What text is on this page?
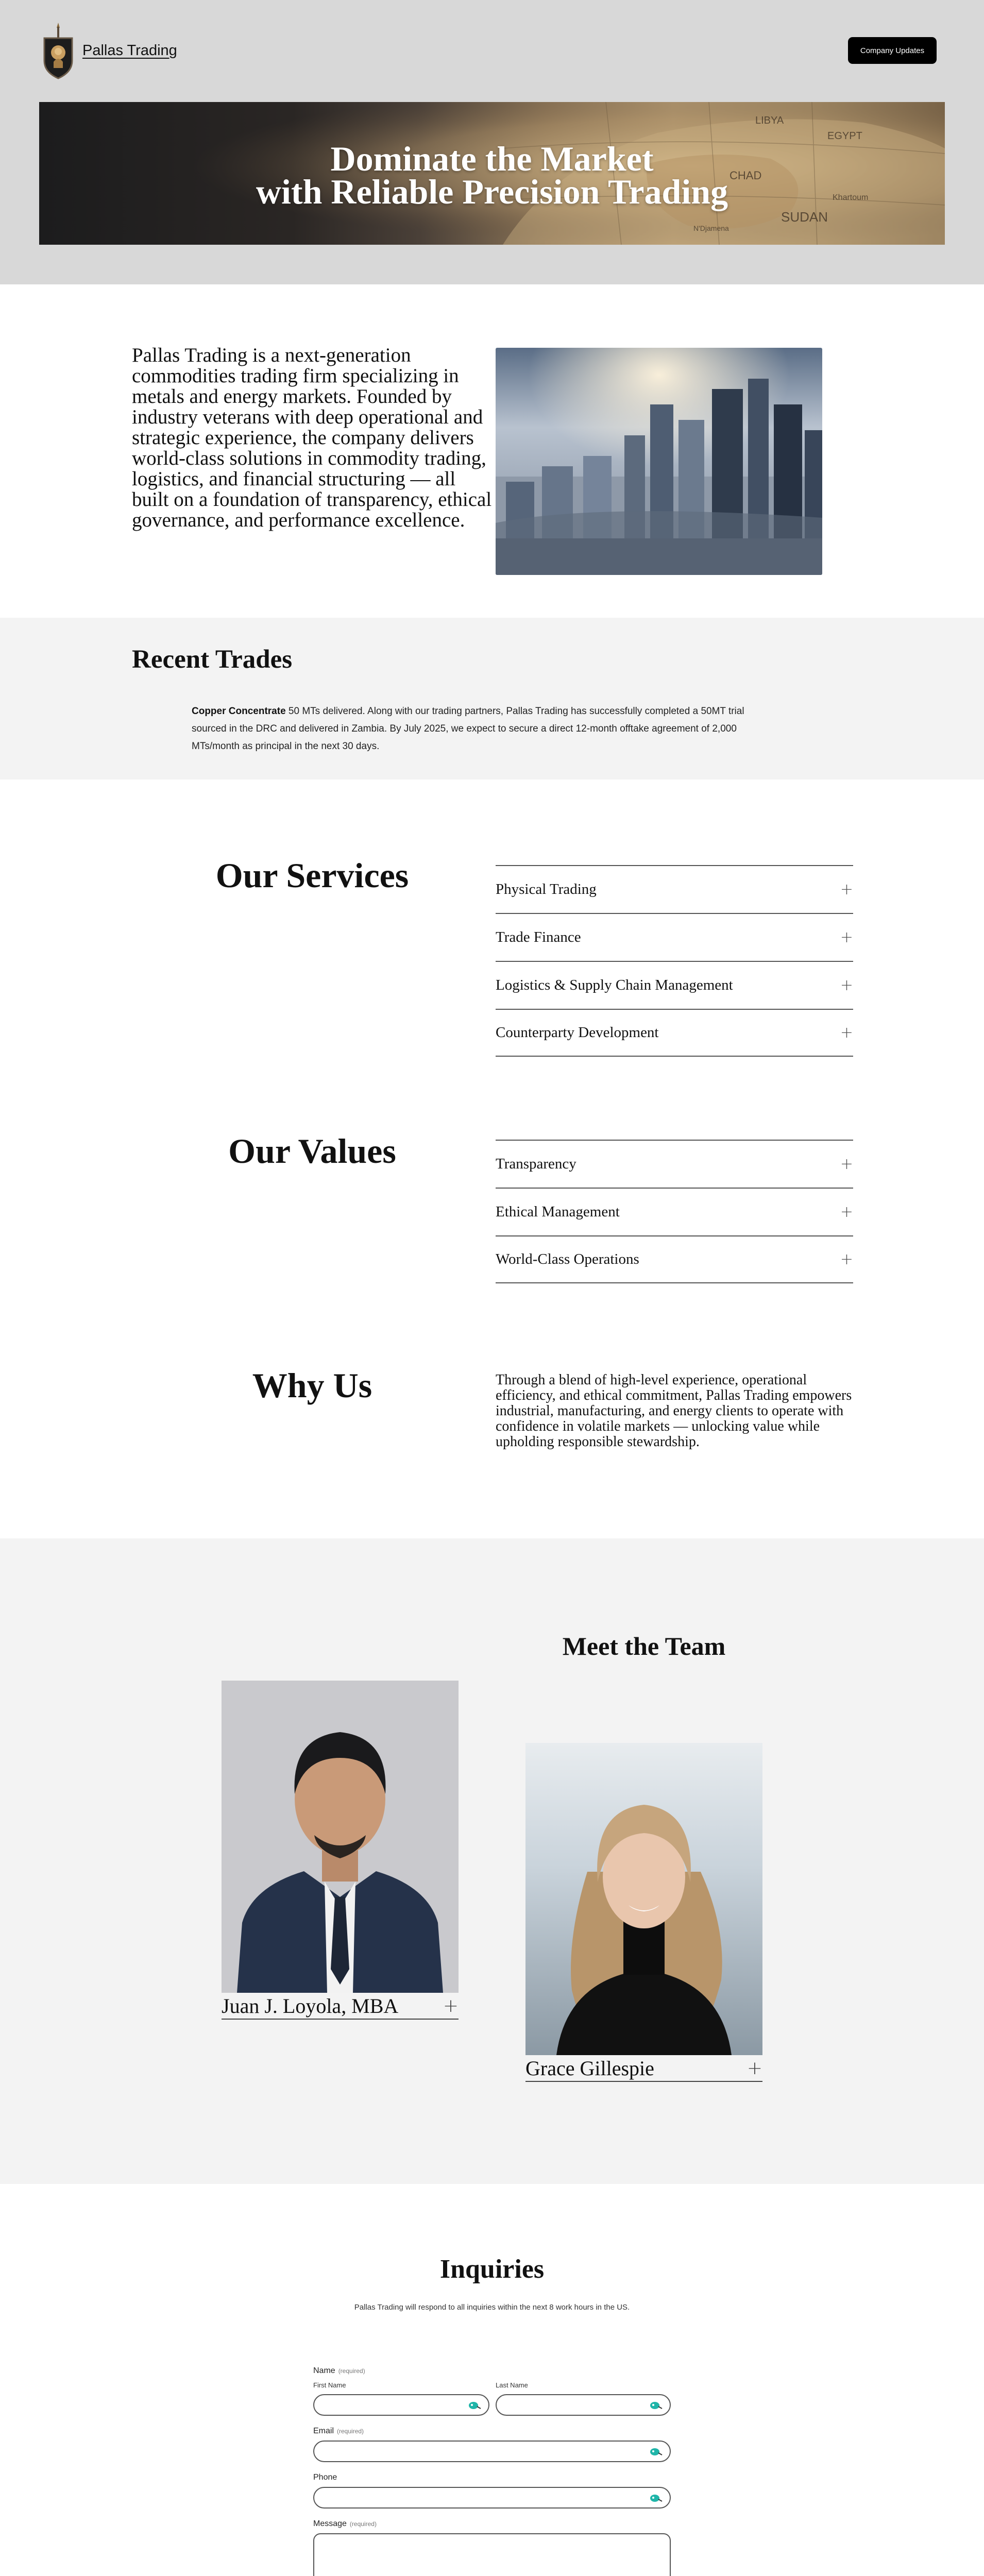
Pallas Trading	Company Updates
LIBYA
EGYPT
CHAD
Khartoum
SUDAN
N'Djamena
Dominate the Market
with Reliable Precision Trading

Pallas Trading is a next-generation commodities trading firm specializing in metals and energy markets. Founded by industry veterans with deep operational and strategic experience, the company delivers world-class solutions in commodity trading, logistics, and financial structuring — all built on a foundation of transparency, ethical governance, and performance excellence.

Recent Trades

Copper Concentrate 50 MTs delivered. Along with our trading partners, Pallas Trading has successfully completed a 50MT trial sourced in the DRC and delivered in Zambia. By July 2025, we expect to secure a direct 12-month offtake agreement of 2,000 MTs/month as principal in the next 30 days.

Our Services	Physical Trading	+
Trade Finance	+
Logistics & Supply Chain Management	+
Counterparty Development	+
Our Values	Transparency	+
Ethical Management	+
World-Class Operations	+
Why Us	Through a blend of high-level experience, operational efficiency, and ethical commitment, Pallas Trading empowers industrial, manufacturing, and energy clients to operate with confidence in volatile markets — unlocking value while upholding responsible stewardship.

Meet the Team
Juan J. Loyola, MBA +
Grace Gillespie	+
Inquiries

Pallas Trading will respond to all inquiries within the next 8 work hours in the US.

Name (required)
First Name	Last Name
Email (required)
Phone
Message (required)
